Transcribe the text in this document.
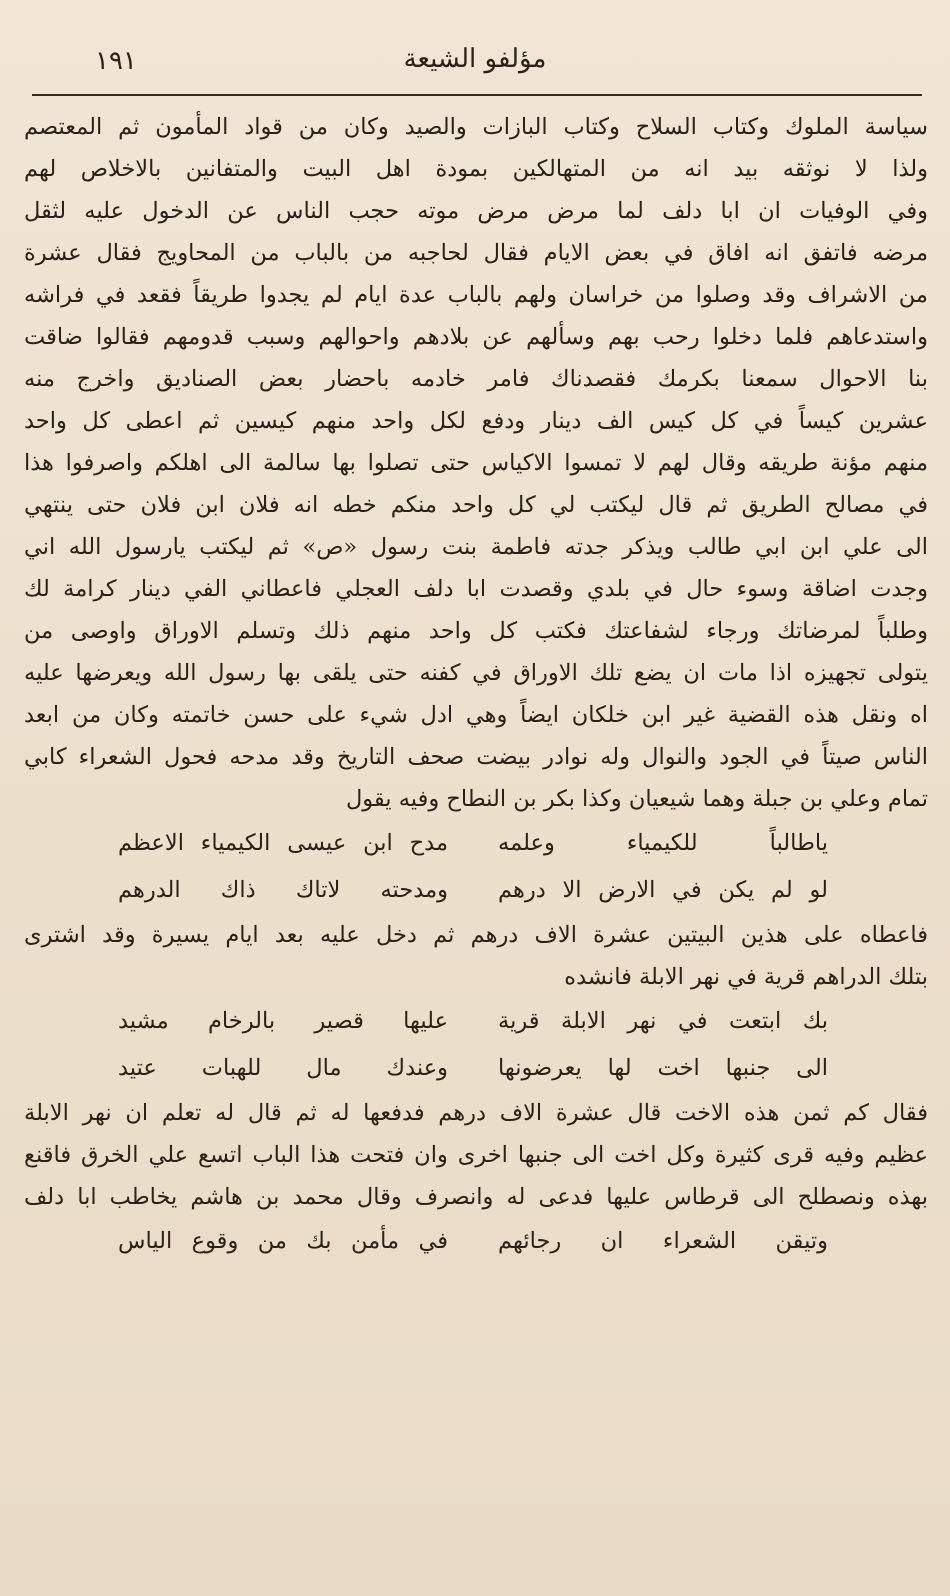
١٩١	مؤلفو الشيعة
سياسة الملوك وكتاب السلاح وكتاب البازات والصيد وكان من قواد المأمون ثم المعتصم
ولذا لا نوثقه بيد انه من المتهالكين بمودة اهل البيت والمتفانين بالاخلاص لهم
وفي الوفيات ان ابا دلف لما مرض مرض موته حجب الناس عن الدخول عليه لثقل
مرضه فاتفق انه افاق في بعض الايام فقال لحاجبه من بالباب من المحاويج فقال عشرة
من الاشراف وقد وصلوا من خراسان ولهم بالباب عدة ايام لم يجدوا طريقاً فقعد في فراشه
واستدعاهم فلما دخلوا رحب بهم وسألهم عن بلادهم واحوالهم وسبب قدومهم فقالوا ضاقت
بنا الاحوال سمعنا بكرمك فقصدناك فامر خادمه باحضار بعض الصناديق واخرج منه
عشرين كيساً في كل كيس الف دينار ودفع لكل واحد منهم كيسين ثم اعطى كل واحد
منهم مؤنة طريقه وقال لهم لا تمسوا الاكياس حتى تصلوا بها سالمة الى اهلكم واصرفوا هذا
في مصالح الطريق ثم قال ليكتب لي كل واحد منكم خطه انه فلان ابن فلان حتى ينتهي
الى علي ابن ابي طالب ويذكر جدته فاطمة بنت رسول «ص» ثم ليكتب يارسول الله اني
وجدت اضاقة وسوء حال في بلدي وقصدت ابا دلف العجلي فاعطاني الفي دينار كرامة لك
وطلباً لمرضاتك ورجاء لشفاعتك فكتب كل واحد منهم ذلك وتسلم الاوراق واوصى من
يتولى تجهيزه اذا مات ان يضع تلك الاوراق في كفنه حتى يلقى بها رسول الله ويعرضها عليه
اه ونقل هذه القضية غير ابن خلكان ايضاً وهي ادل شيء على حسن خاتمته وكان من ابعد
الناس صيتاً في الجود والنوال وله نوادر بيضت صحف التاريخ وقد مدحه فحول الشعراء كابي
تمام وعلي بن جبلة وهما شيعيان وكذا بكر بن النطاح وفيه يقول
ياطالباً للكيمياء وعلمه
مدح ابن عيسى الكيمياء الاعظم
لو لم يكن في الارض الا درهم
ومدحته لاتاك ذاك الدرهم
فاعطاه على هذين البيتين عشرة الاف درهم ثم دخل عليه بعد ايام يسيرة وقد اشترى
بتلك الدراهم قرية في نهر الابلة فانشده
بك ابتعت في نهر الابلة قرية
عليها قصير بالرخام مشيد
الى جنبها اخت لها يعرضونها
وعندك مال للهبات عتيد
فقال كم ثمن هذه الاخت قال عشرة الاف درهم فدفعها له ثم قال له تعلم ان نهر الابلة
عظيم وفيه قرى كثيرة وكل اخت الى جنبها اخرى وان فتحت هذا الباب اتسع علي الخرق فاقنع
بهذه ونصطلح الى قرطاس عليها فدعى له وانصرف وقال محمد بن هاشم يخاطب ابا دلف
وتيقن الشعراء ان رجائهم
في مأمن بك من وقوع الياس
